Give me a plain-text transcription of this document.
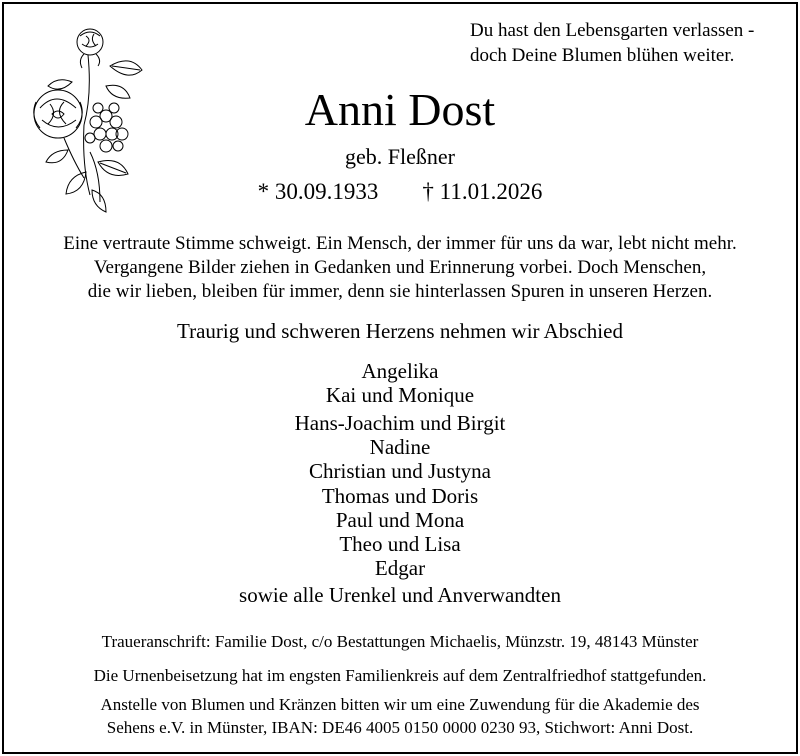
Du hast den Lebensgarten verlassen -
doch Deine Blumen blühen weiter.
Anni Dost
geb. Fleßner
* 30.09.1933 † 11.01.2026
Eine vertraute Stimme schweigt. Ein Mensch, der immer für uns da war, lebt nicht mehr.
Vergangene Bilder ziehen in Gedanken und Erinnerung vorbei. Doch Menschen,
die wir lieben, bleiben für immer, denn sie hinterlassen Spuren in unseren Herzen.
Traurig und schweren Herzens nehmen wir Abschied
Angelika
Kai und Monique
Hans-Joachim und Birgit
Nadine
Christian und Justyna
Thomas und Doris
Paul und Mona
Theo und Lisa
Edgar
sowie alle Urenkel und Anverwandten
Traueranschrift: Familie Dost, c/o Bestattungen Michaelis, Münzstr. 19, 48143 Münster
Die Urnenbeisetzung hat im engsten Familienkreis auf dem Zentralfriedhof stattgefunden.
Anstelle von Blumen und Kränzen bitten wir um eine Zuwendung für die Akademie des
Sehens e.V. in Münster, IBAN: DE46 4005 0150 0000 0230 93, Stichwort: Anni Dost.
